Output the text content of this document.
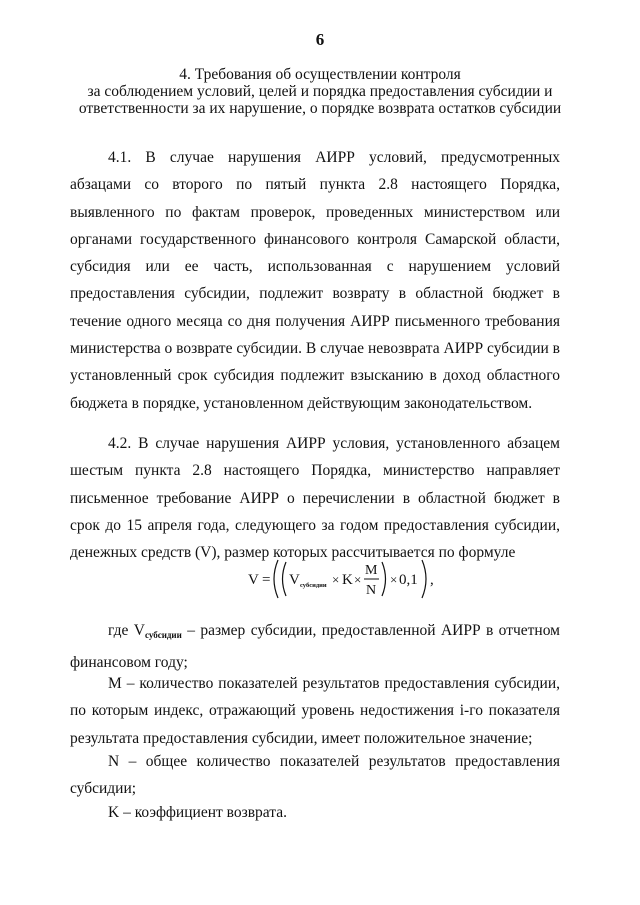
6
4. Требования об осуществлении контроля
за соблюдением условий, целей и порядка предоставления субсидии и
ответственности за их нарушение, о порядке возврата остатков субсидии

4.1. В случае нарушения АИРР условий, предусмотренных абзацами со второго по пятый пункта 2.8 настоящего Порядка, выявленного по фактам проверок, проведенных министерством или органами государственного финансового контроля Самарской области, субсидия или ее часть, использованная с нарушением условий предоставления субсидии, подлежит возврату в областной бюджет в течение одного месяца со дня получения АИРР письменного требования министерства о возврате субсидии. В случае невозврата АИРР субсидии в установленный срок субсидия подлежит взысканию в доход областного бюджета в порядке, установленном действующим законодательством.

4.2. В случае нарушения АИРР условия, установленного абзацем шестым пункта 2.8 настоящего Порядка, министерство направляет письменное требование АИРР о перечислении в областной бюджет в срок до 15 апреля года, следующего за годом предоставления субсидии, денежных средств (V), размер которых рассчитывается по формуле

V = V субсидии × K ×
M
N
× 0,1 ,

где $V_{субсидии}$ – размер субсидии, предоставленной АИРР в отчетном финансовом году;

М – количество показателей результатов предоставления субсидии, по которым индекс, отражающий уровень недостижения i-го показателя результата предоставления субсидии, имеет положительное значение;

N – общее количество показателей результатов предоставления субсидии;

K – коэффициент возврата.
